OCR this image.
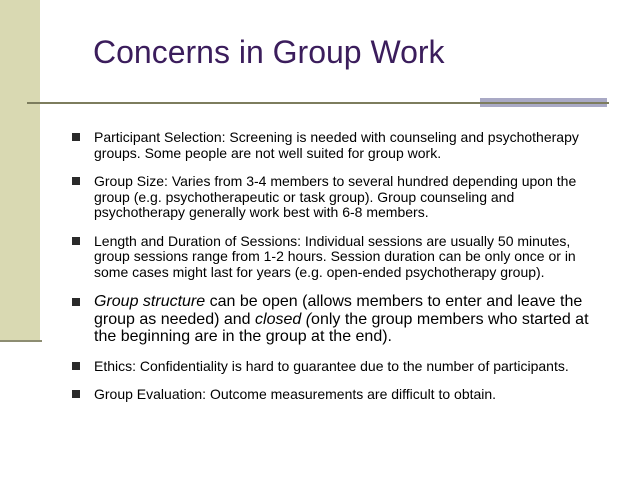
Concerns in Group Work
Participant Selection: Screening is needed with counseling and psychotherapy groups. Some people are not well suited for group work.
Group Size: Varies from 3-4 members to several hundred depending upon the group (e.g. psychotherapeutic or task group). Group counseling and psychotherapy generally work best with 6-8 members.
Length and Duration of Sessions: Individual sessions are usually 50 minutes, group sessions range from 1-2 hours. Session duration can be only once or in some cases might last for years (e.g. open-ended psychotherapy group).
Group structure can be open (allows members to enter and leave the group as needed) and closed (only the group members who started at the beginning are in the group at the end).
Ethics: Confidentiality is hard to guarantee due to the number of participants.
Group Evaluation: Outcome measurements are difficult to obtain.
